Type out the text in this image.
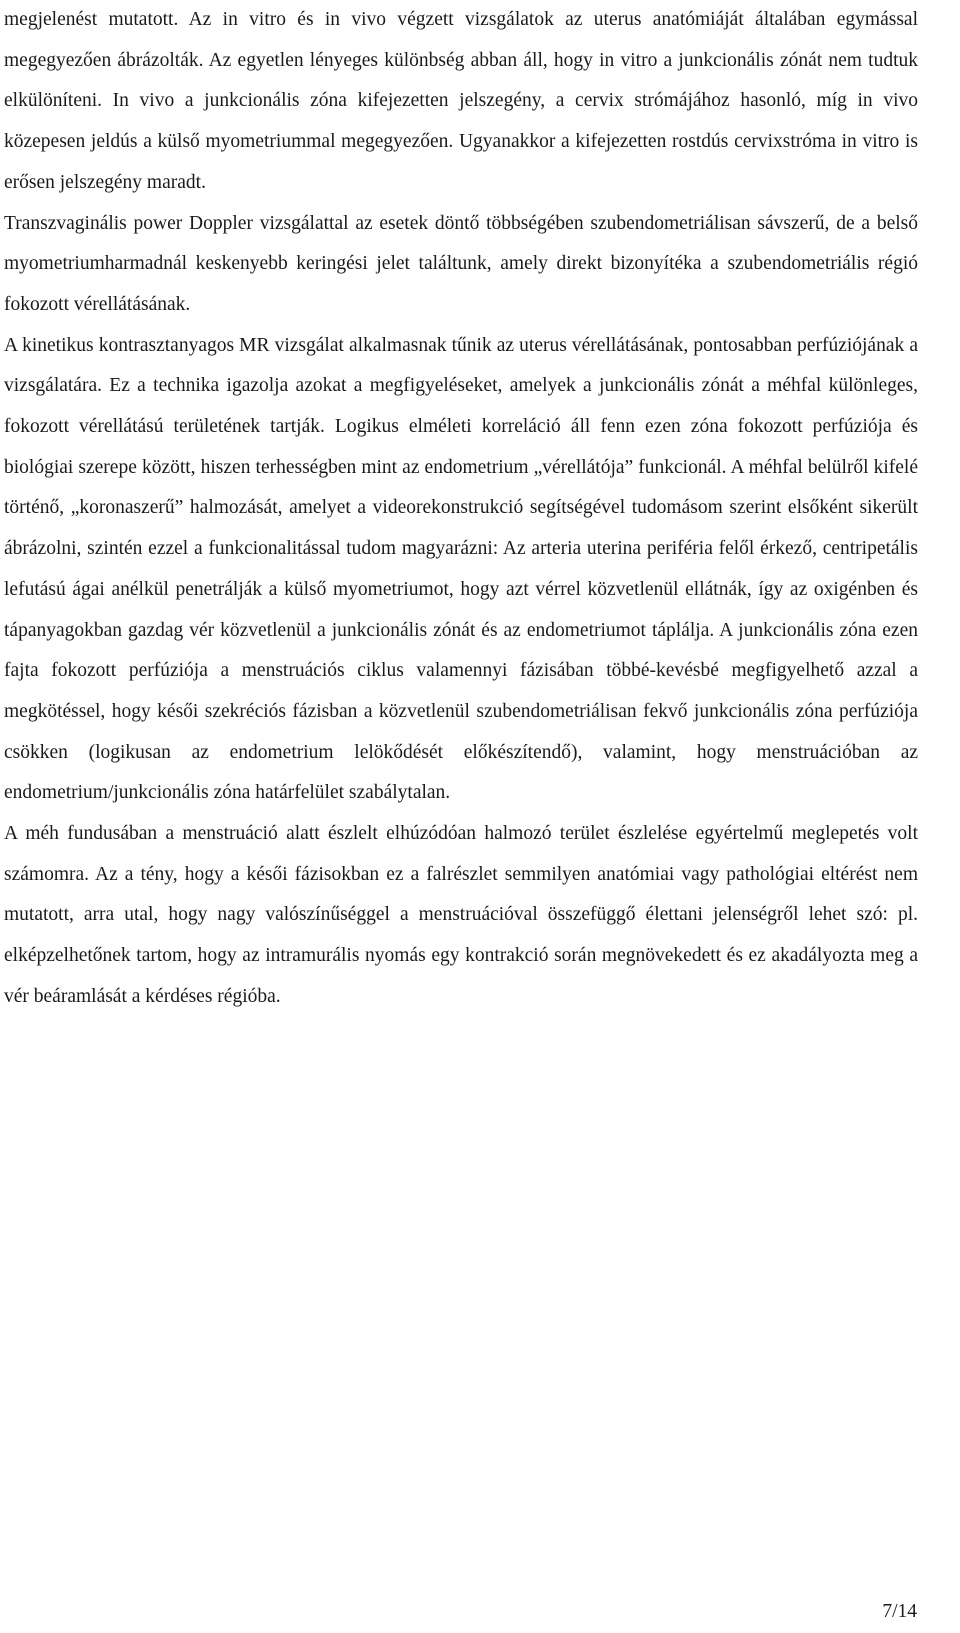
megjelenést mutatott. Az in vitro és in vivo végzett vizsgálatok az uterus anatómiáját általában egymással megegyezően ábrázolták. Az egyetlen lényeges különbség abban áll, hogy in vitro a junkcionális zónát nem tudtuk elkülöníteni. In vivo a junkcionális zóna kifejezetten jelszegény, a cervix strómájához hasonló, míg in vivo közepesen jeldús a külső myometriummal megegyezően. Ugyanakkor a kifejezetten rostdús cervixstróma in vitro is erősen jelszegény maradt.

Transzvaginális power Doppler vizsgálattal az esetek döntő többségében szubendometriálisan sávszerű, de a belső myometriumharmadnál keskenyebb keringési jelet találtunk, amely direkt bizonyítéka a szubendometriális régió fokozott vérellátásának.

A kinetikus kontrasztanyagos MR vizsgálat alkalmasnak tűnik az uterus vérellátásának, pontosabban perfúziójának a vizsgálatára. Ez a technika igazolja azokat a megfigyeléseket, amelyek a junkcionális zónát a méhfal különleges, fokozott vérellátású területének tartják. Logikus elméleti korreláció áll fenn ezen zóna fokozott perfúziója és biológiai szerepe között, hiszen terhességben mint az endometrium „vérellátója” funkcionál. A méhfal belülről kifelé történő, „koronaszerű” halmozását, amelyet a videorekonstrukció segítségével tudomásom szerint elsőként sikerült ábrázolni, szintén ezzel a funkcionalitással tudom magyarázni: Az arteria uterina periféria felől érkező, centripetális lefutású ágai anélkül penetrálják a külső myometriumot, hogy azt vérrel közvetlenül ellátnák, így az oxigénben és tápanyagokban gazdag vér közvetlenül a junkcionális zónát és az endometriumot táplálja. A junkcionális zóna ezen fajta fokozott perfúziója a menstruációs ciklus valamennyi fázisában többé-kevésbé megfigyelhető azzal a megkötéssel, hogy késői szekréciós fázisban a közvetlenül szubendometriálisan fekvő junkcionális zóna perfúziója csökken (logikusan az endometrium lelökődését előkészítendő), valamint, hogy menstruációban az endometrium/junkcionális zóna határfelület szabálytalan.

A méh fundusában a menstruáció alatt észlelt elhúzódóan halmozó terület észlelése egyértelmű meglepetés volt számomra. Az a tény, hogy a késői fázisokban ez a falrészlet semmilyen anatómiai vagy pathológiai eltérést nem mutatott, arra utal, hogy nagy valószínűséggel a menstruációval összefüggő élettani jelenségről lehet szó: pl. elképzelhetőnek tartom, hogy az intramurális nyomás egy kontrakció során megnövekedett és ez akadályozta meg a vér beáramlását a kérdéses régióba.

7/14
